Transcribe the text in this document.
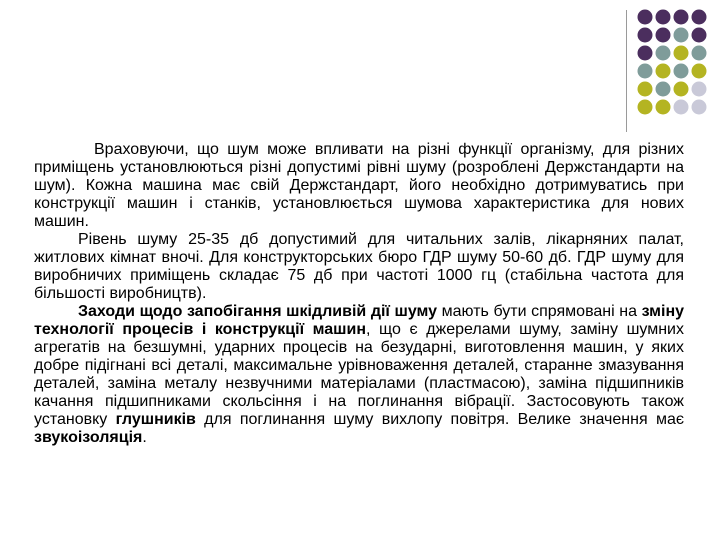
Враховуючи, що шум може впливати на різні функції організму, для різних приміщень установлюються різні допустимі рівні шуму (розроблені Держстандарти на шум). Кожна машина має свій Держстандарт, його необхідно дотримуватись при конструкції машин і станків, установлюється шумова характеристика для нових машин.

Рівень шуму 25-35 дб допустимий для читальних залів, лікарняних палат, житлових кімнат вночі. Для конструкторських бюро ГДР шуму 50-60 дб. ГДР шуму для виробничих приміщень складає 75 дб при частоті 1000 гц (стабільна частота для більшості виробництв).

Заходи щодо запобігання шкідливій дії шуму мають бути спрямовані на зміну технології процесів і конструкції машин, що є джерелами шуму, заміну шумних агрегатів на безшумні, ударних процесів на безударні, виготовлення машин, у яких добре підігнані всі деталі, максимальне урівноваження деталей, старанне змазування деталей, заміна металу незвучними матеріалами (пластмасою), заміна підшипників качання підшипниками скольсіння і на поглинання вібрації. Застосовують також установку глушників для поглинання шуму вихлопу повітря. Велике значення має звукоізоляція.
